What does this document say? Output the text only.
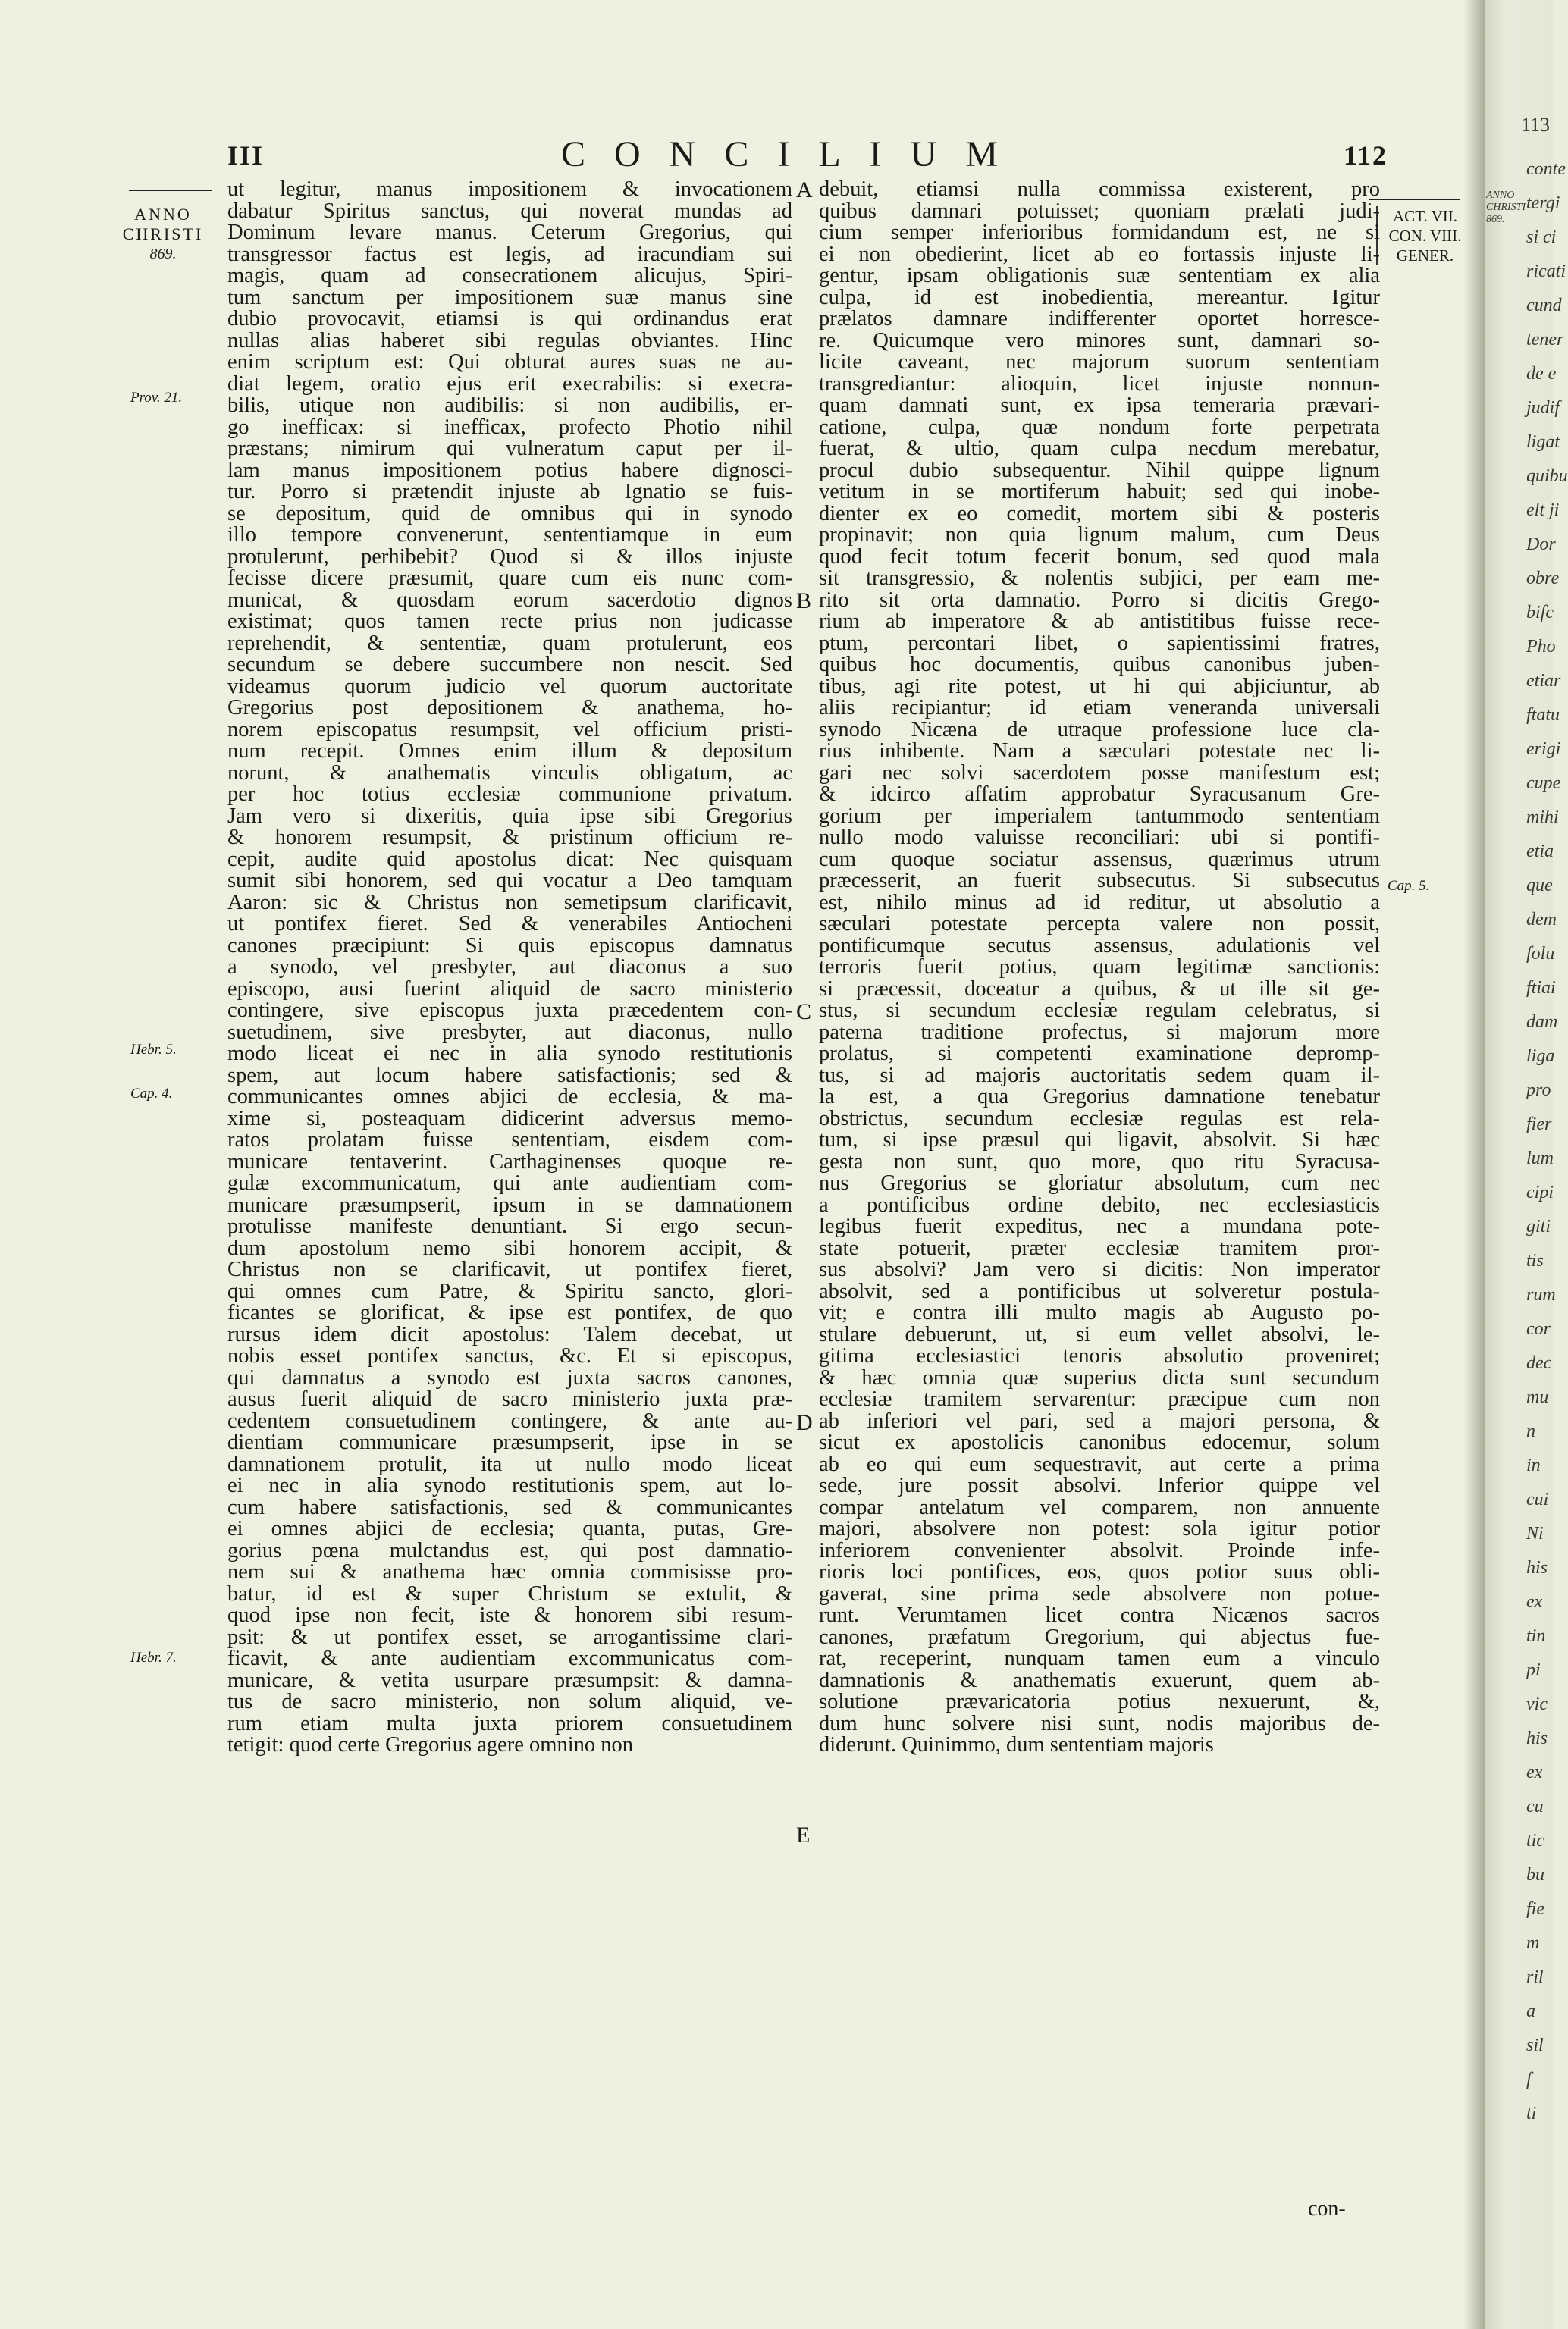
III	CONCILIUM	112
ANNO CHRISTI
869.
ACT. VII.
CON. VIII.
GENER.
Prov. 21.
Hebr. 5.
Cap. 4.
Hebr. 7.
Cap. 5.
A
B
C
D
E
ut legitur, manus impositionem & invocationem
dabatur Spiritus sanctus, qui noverat mundas ad
Dominum levare manus. Ceterum Gregorius, qui
transgressor factus est legis, ad iracundiam sui
magis, quam ad consecrationem alicujus, Spiri-
tum sanctum per impositionem suæ manus sine
dubio provocavit, etiamsi is qui ordinandus erat
nullas alias haberet sibi regulas obviantes. Hinc
enim scriptum est: Qui obturat aures suas ne au-
diat legem, oratio ejus erit execrabilis: si execra-
bilis, utique non audibilis: si non audibilis, er-
go inefficax: si inefficax, profecto Photio nihil
præstans; nimirum qui vulneratum caput per il-
lam manus impositionem potius habere dignosci-
tur. Porro si prætendit injuste ab Ignatio se fuis-
se depositum, quid de omnibus qui in synodo
illo tempore convenerunt, sententiamque in eum
protulerunt, perhibebit? Quod si & illos injuste
fecisse dicere præsumit, quare cum eis nunc com-
municat, & quosdam eorum sacerdotio dignos
existimat; quos tamen recte prius non judicasse
reprehendit, & sententiæ, quam protulerunt, eos
secundum se debere succumbere non nescit. Sed
videamus quorum judicio vel quorum auctoritate
Gregorius post depositionem & anathema, ho-
norem episcopatus resumpsit, vel officium pristi-
num recepit. Omnes enim illum & depositum
norunt, & anathematis vinculis obligatum, ac
per hoc totius ecclesiæ communione privatum.
Jam vero si dixeritis, quia ipse sibi Gregorius
& honorem resumpsit, & pristinum officium re-
cepit, audite quid apostolus dicat: Nec quisquam
sumit sibi honorem, sed qui vocatur a Deo tamquam
Aaron: sic & Christus non semetipsum clarificavit,
ut pontifex fieret. Sed & venerabiles Antiocheni
canones præcipiunt: Si quis episcopus damnatus
a synodo, vel presbyter, aut diaconus a suo
episcopo, ausi fuerint aliquid de sacro ministerio
contingere, sive episcopus juxta præcedentem con-
suetudinem, sive presbyter, aut diaconus, nullo
modo liceat ei nec in alia synodo restitutionis
spem, aut locum habere satisfactionis; sed &
communicantes omnes abjici de ecclesia, & ma-
xime si, posteaquam didicerint adversus memo-
ratos prolatam fuisse sententiam, eisdem com-
municare tentaverint. Carthaginenses quoque re-
gulæ excommunicatum, qui ante audientiam com-
municare præsumpserit, ipsum in se damnationem
protulisse manifeste denuntiant. Si ergo secun-
dum apostolum nemo sibi honorem accipit, &
Christus non se clarificavit, ut pontifex fieret,
qui omnes cum Patre, & Spiritu sancto, glori-
ficantes se glorificat, & ipse est pontifex, de quo
rursus idem dicit apostolus: Talem decebat, ut
nobis esset pontifex sanctus, &c. Et si episcopus,
qui damnatus a synodo est juxta sacros canones,
ausus fuerit aliquid de sacro ministerio juxta præ-
cedentem consuetudinem contingere, & ante au-
dientiam communicare præsumpserit, ipse in se
damnationem protulit, ita ut nullo modo liceat
ei nec in alia synodo restitutionis spem, aut lo-
cum habere satisfactionis, sed & communicantes
ei omnes abjici de ecclesia; quanta, putas, Gre-
gorius pœna mulctandus est, qui post damnatio-
nem sui & anathema hæc omnia commisisse pro-
batur, id est & super Christum se extulit, &
quod ipse non fecit, iste & honorem sibi resum-
psit: & ut pontifex esset, se arrogantissime clari-
ficavit, & ante audientiam excommunicatus com-
municare, & vetita usurpare præsumpsit: & damna-
tus de sacro ministerio, non solum aliquid, ve-
rum etiam multa juxta priorem consuetudinem
tetigit: quod certe Gregorius agere omnino non
debuit, etiamsi nulla commissa existerent, pro
quibus damnari potuisset; quoniam prælati judi-
cium semper inferioribus formidandum est, ne si
ei non obedierint, licet ab eo fortassis injuste li-
gentur, ipsam obligationis suæ sententiam ex alia
culpa, id est inobedientia, mereantur. Igitur
prælatos damnare indifferenter oportet horresce-
re. Quicumque vero minores sunt, damnari so-
licite caveant, nec majorum suorum sententiam
transgrediantur: alioquin, licet injuste nonnun-
quam damnati sunt, ex ipsa temeraria prævari-
catione, culpa, quæ nondum forte perpetrata
fuerat, & ultio, quam culpa necdum merebatur,
procul dubio subsequentur. Nihil quippe lignum
vetitum in se mortiferum habuit; sed qui inobe-
dienter ex eo comedit, mortem sibi & posteris
propinavit; non quia lignum malum, cum Deus
quod fecit totum fecerit bonum, sed quod mala
sit transgressio, & nolentis subjici, per eam me-
rito sit orta damnatio. Porro si dicitis Grego-
rium ab imperatore & ab antistitibus fuisse rece-
ptum, percontari libet, o sapientissimi fratres,
quibus hoc documentis, quibus canonibus juben-
tibus, agi rite potest, ut hi qui abjiciuntur, ab
aliis recipiantur; id etiam veneranda universali
synodo Nicæna de utraque professione luce cla-
rius inhibente. Nam a sæculari potestate nec li-
gari nec solvi sacerdotem posse manifestum est;
& idcirco affatim approbatur Syracusanum Gre-
gorium per imperialem tantummodo sententiam
nullo modo valuisse reconciliari: ubi si pontifi-
cum quoque sociatur assensus, quærimus utrum
præcesserit, an fuerit subsecutus. Si subsecutus
est, nihilo minus ad id reditur, ut absolutio a
sæculari potestate percepta valere non possit,
pontificumque secutus assensus, adulationis vel
terroris fuerit potius, quam legitimæ sanctionis:
si præcessit, doceatur a quibus, & ut ille sit ge-
stus, si secundum ecclesiæ regulam celebratus, si
paterna traditione profectus, si majorum more
prolatus, si competenti examinatione depromp-
tus, si ad majoris auctoritatis sedem quam il-
la est, a qua Gregorius damnatione tenebatur
obstrictus, secundum ecclesiæ regulas est rela-
tum, si ipse præsul qui ligavit, absolvit. Si hæc
gesta non sunt, quo more, quo ritu Syracusa-
nus Gregorius se gloriatur absolutum, cum nec
a pontificibus ordine debito, nec ecclesiasticis
legibus fuerit expeditus, nec a mundana pote-
state potuerit, præter ecclesiæ tramitem pror-
sus absolvi? Jam vero si dicitis: Non imperator
absolvit, sed a pontificibus ut solveretur postula-
vit; e contra illi multo magis ab Augusto po-
stulare debuerunt, ut, si eum vellet absolvi, le-
gitima ecclesiastici tenoris absolutio proveniret;
& hæc omnia quæ superius dicta sunt secundum
ecclesiæ tramitem servarentur: præcipue cum non
ab inferiori vel pari, sed a majori persona, &
sicut ex apostolicis canonibus edocemur, solum
ab eo qui eum sequestravit, aut certe a prima
sede, jure possit absolvi. Inferior quippe vel
compar antelatum vel comparem, non annuente
majori, absolvere non potest: sola igitur potior
inferiorem convenienter absolvit. Proinde infe-
rioris loci pontifices, eos, quos potior suus obli-
gaverat, sine prima sede absolvere non potue-
runt. Verumtamen licet contra Nicænos sacros
canones, præfatum Gregorium, qui abjectus fue-
rat, receperint, nunquam tamen eum a vinculo
damnationis & anathematis exuerunt, quem ab-
solutione prævaricatoria potius nexuerunt, &,
dum hunc solvere nisi sunt, nodis majoribus de-
diderunt. Quinimmo, dum sententiam majoris
con-
113
conte
tergi
si ci
ricati
cund
tener
de e
judif
ligat
quibu
elt ji
Dor
obre
bifc
Pho
etiar
ftatu
erigi
cupe
mihi
etia
que
dem
folu
ftiai
dam
liga
pro
fier
lum
cipi
giti
tis
rum
cor
dec
mu
n
in
cui
Ni
his
ex
tin
pi
vic
his
ex
cu
tic
bu
fie
m
ril
a
sil
f
ti
ANNO CHRISTI 869.
